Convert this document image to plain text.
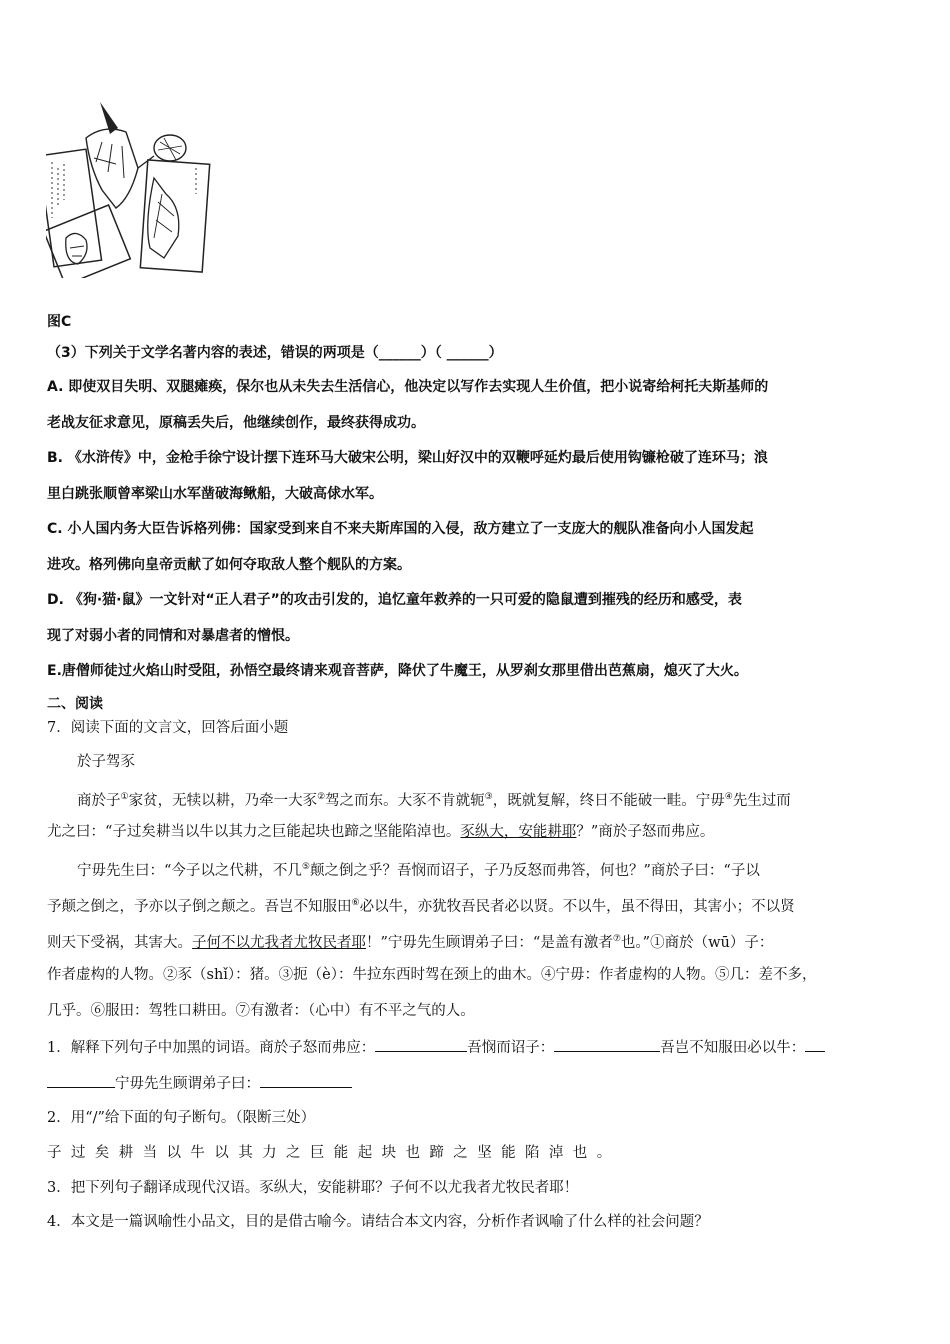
图C
（3）下列关于文学名著内容的表述，错误的两项是（______）（ ______）
A. 即使双目失明、双腿瘫痪，保尔也从未失去生活信心，他决定以写作去实现人生价值，把小说寄给柯托夫斯基师的
老战友征求意见，原稿丢失后，他继续创作，最终获得成功。
B. 《水浒传》中，金枪手徐宁设计摆下连环马大破宋公明，梁山好汉中的双鞭呼延灼最后使用钩镰枪破了连环马；浪
里白跳张顺曾率梁山水军凿破海鳅船，大破高俅水军。
C. 小人国内务大臣告诉格列佛：国家受到来自不来夫斯库国的入侵，敌方建立了一支庞大的舰队准备向小人国发起
进攻。格列佛向皇帝贡献了如何夺取敌人整个舰队的方案。
D. 《狗·猫·鼠》一文针对“正人君子”的攻击引发的，追忆童年救养的一只可爱的隐鼠遭到摧残的经历和感受，表
现了对弱小者的同情和对暴虐者的憎恨。
E.唐僧师徒过火焰山时受阻，孙悟空最终请来观音菩萨，降伏了牛魔王，从罗刹女那里借出芭蕉扇，熄灭了大火。
二、阅读
7．阅读下面的文言文，回答后面小题
於子驾豕
商於子①家贫，无犊以耕，乃牵一大豕②驾之而东。大豕不肯就轭③，既就复解，终日不能破一畦。宁毋④先生过而
尤之曰：“子过矣耕当以牛以其力之巨能起块也蹄之坚能陷淖也。豕纵大，安能耕耶？”商於子怒而弗应。
宁毋先生曰：“今子以之代耕，不几⑤颠之倒之乎？吾悯而诏子，子乃反怒而弗答，何也？”商於子曰：“子以
予颠之倒之，予亦以子倒之颠之。吾岂不知服田⑥必以牛，亦犹牧吾民者必以贤。不以牛，虽不得田，其害小；不以贤
则天下受祸，其害大。子何不以尤我者尤牧民者耶！”宁毋先生顾谓弟子曰：“是盖有激者⑦也。”①商於（wū）子：
作者虚构的人物。②豕（shǐ）：猪。③扼（è）：牛拉东西时驾在颈上的曲木。④宁毋：作者虚构的人物。⑤几：差不多，
几乎。⑥服田：驾牲口耕田。⑦有激者：（心中）有不平之气的人。
1．解释下列句子中加黑的词语。商於子怒而弗应：	吾悯而诏子：	吾岂不知服田必以牛：
宁毋先生顾谓弟子曰：
2．用“/”给下面的句子断句。（限断三处）
子过矣耕当以牛以其力之巨能起块也蹄之坚能陷淖也。
3．把下列句子翻译成现代汉语。豕纵大，安能耕耶？子何不以尤我者尤牧民者耶！
4．本文是一篇讽喻性小品文，目的是借古喻今。请结合本文内容，分析作者讽喻了什么样的社会问题？
